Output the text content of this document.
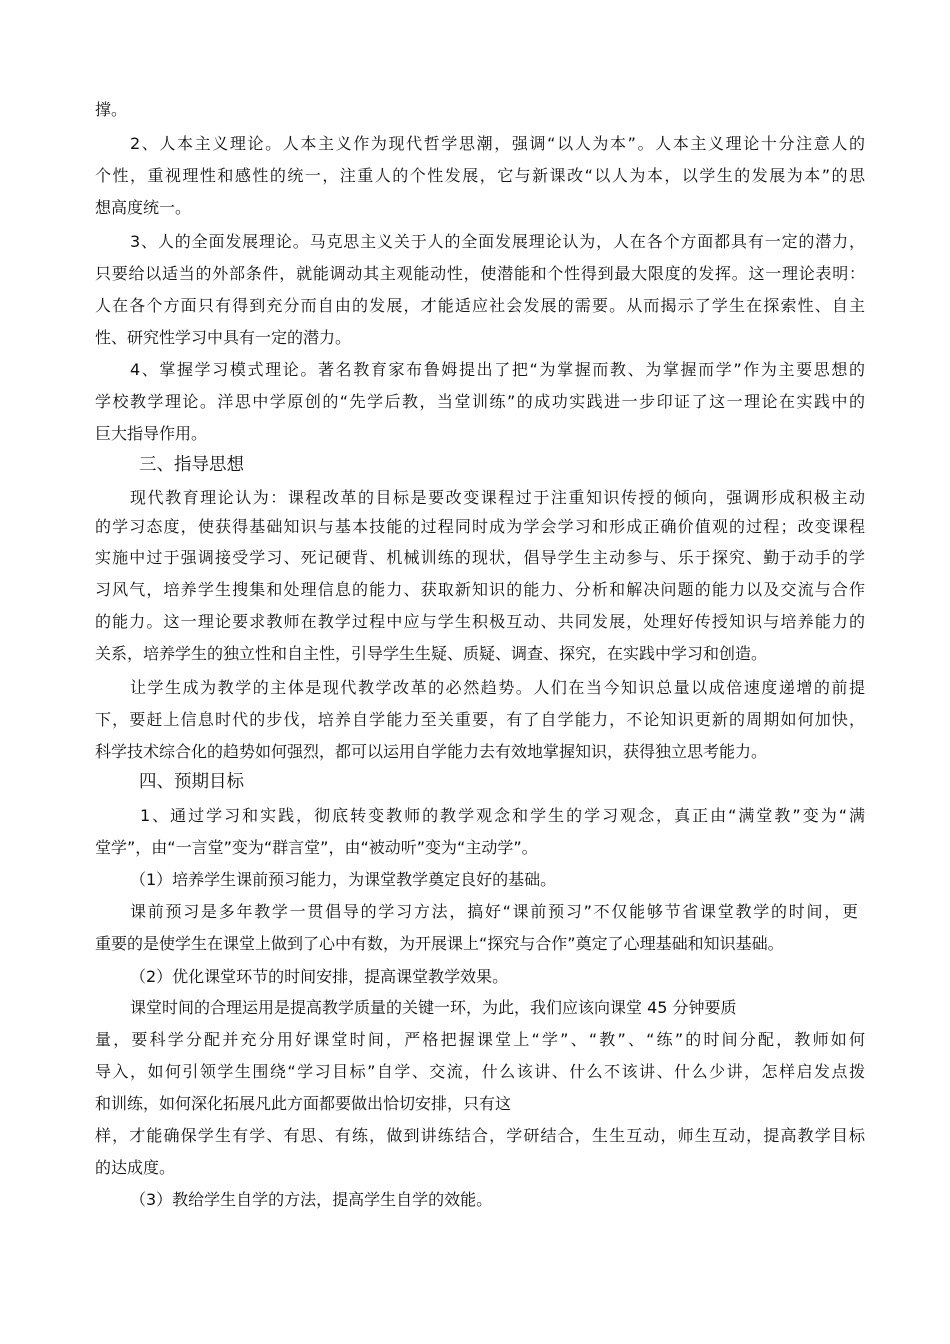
撑。
2、人本主义理论。人本主义作为现代哲学思潮，强调“以人为本”。人本主义理论十分注意人的
个性，重视理性和感性的统一，注重人的个性发展，它与新课改“以人为本，以学生的发展为本”的思
想高度统一。
3、人的全面发展理论。马克思主义关于人的全面发展理论认为，人在各个方面都具有一定的潜力，
只要给以适当的外部条件，就能调动其主观能动性，使潜能和个性得到最大限度的发挥。这一理论表明：
人在各个方面只有得到充分而自由的发展，才能适应社会发展的需要。从而揭示了学生在探索性、自主
性、研究性学习中具有一定的潜力。
4、掌握学习模式理论。著名教育家布鲁姆提出了把“为掌握而教、为掌握而学”作为主要思想的
学校教学理论。洋思中学原创的“先学后教，当堂训练”的成功实践进一步印证了这一理论在实践中的
巨大指导作用。
三、指导思想
现代教育理论认为：课程改革的目标是要改变课程过于注重知识传授的倾向，强调形成积极主动
的学习态度，使获得基础知识与基本技能的过程同时成为学会学习和形成正确价值观的过程；改变课程
实施中过于强调接受学习、死记硬背、机械训练的现状，倡导学生主动参与、乐于探究、勤于动手的学
习风气，培养学生搜集和处理信息的能力、获取新知识的能力、分析和解决问题的能力以及交流与合作
的能力。这一理论要求教师在教学过程中应与学生积极互动、共同发展，处理好传授知识与培养能力的
关系，培养学生的独立性和自主性，引导学生生疑、质疑、调查、探究，在实践中学习和创造。
让学生成为教学的主体是现代教学改革的必然趋势。人们在当今知识总量以成倍速度递增的前提
下，要赶上信息时代的步伐，培养自学能力至关重要，有了自学能力，不论知识更新的周期如何加快，
科学技术综合化的趋势如何强烈，都可以运用自学能力去有效地掌握知识，获得独立思考能力。
四、预期目标
1、通过学习和实践，彻底转变教师的教学观念和学生的学习观念，真正由“满堂教”变为“满
堂学”，由“一言堂”变为“群言堂”，由“被动听”变为“主动学”。
（1）培养学生课前预习能力，为课堂教学奠定良好的基础。
课前预习是多年教学一贯倡导的学习方法，搞好“课前预习”不仅能够节省课堂教学的时间，更
重要的是使学生在课堂上做到了心中有数，为开展课上“探究与合作”奠定了心理基础和知识基础。
（2）优化课堂环节的时间安排，提高课堂教学效果。
课堂时间的合理运用是提高教学质量的关键一环，为此，我们应该向课堂 45 分钟要质
量，要科学分配并充分用好课堂时间，严格把握课堂上“学”、“教”、“练”的时间分配，教师如何
导入，如何引领学生围绕“学习目标”自学、交流，什么该讲、什么不该讲、什么少讲，怎样启发点拨
和训练，如何深化拓展凡此方面都要做出恰切安排，只有这
样，才能确保学生有学、有思、有练，做到讲练结合，学研结合，生生互动，师生互动，提高教学目标
的达成度。
（3）教给学生自学的方法，提高学生自学的效能。
